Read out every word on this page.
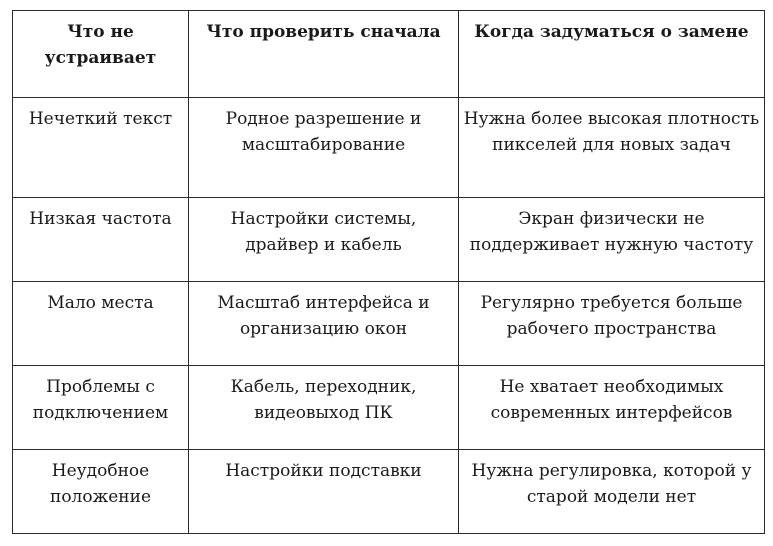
Что не устраивает	Что проверить сначала	Когда задуматься о замене
Нечеткий текст	Родное разрешение и масштабирование	Нужна более высокая плотность пикселей для новых задач
Низкая частота	Настройки системы, драйвер и кабель	Экран физически не поддерживает нужную частоту
Мало места	Масштаб интерфейса и организацию окон	Регулярно требуется больше рабочего пространства
Проблемы с подключением	Кабель, переходник, видеовыход ПК	Не хватает необходимых современных интерфейсов
Неудобное положение	Настройки подставки	Нужна регулировка, которой у старой модели нет
